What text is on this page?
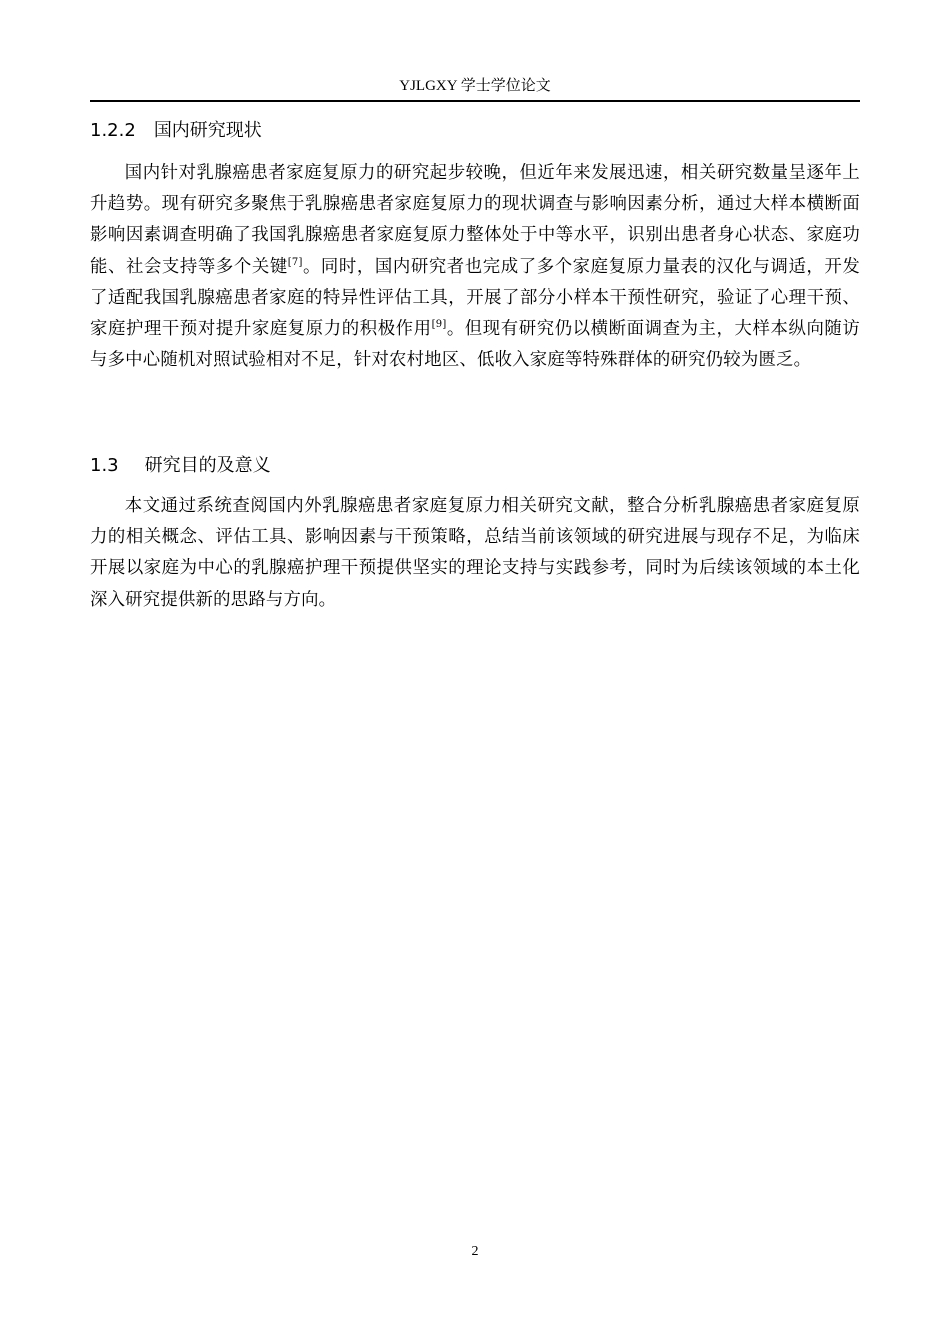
YJLGXY 学士学位论文
1.2.2 国内研究现状
国内针对乳腺癌患者家庭复原力的研究起步较晚，但近年来发展迅速，相关研究数量呈逐年上升趋势。现有研究多聚焦于乳腺癌患者家庭复原力的现状调查与影响因素分析，通过大样本横断面影响因素调查明确了我国乳腺癌患者家庭复原力整体处于中等水平，识别出患者身心状态、家庭功能、社会支持等多个关键[7]。同时，国内研究者也完成了多个家庭复原力量表的汉化与调适，开发了适配我国乳腺癌患者家庭的特异性评估工具，开展了部分小样本干预性研究，验证了心理干预、家庭护理干预对提升家庭复原力的积极作用[9]。但现有研究仍以横断面调查为主，大样本纵向随访与多中心随机对照试验相对不足，针对农村地区、低收入家庭等特殊群体的研究仍较为匮乏。
1.3 研究目的及意义
本文通过系统查阅国内外乳腺癌患者家庭复原力相关研究文献，整合分析乳腺癌患者家庭复原力的相关概念、评估工具、影响因素与干预策略，总结当前该领域的研究进展与现存不足，为临床开展以家庭为中心的乳腺癌护理干预提供坚实的理论支持与实践参考，同时为后续该领域的本土化深入研究提供新的思路与方向。
2
